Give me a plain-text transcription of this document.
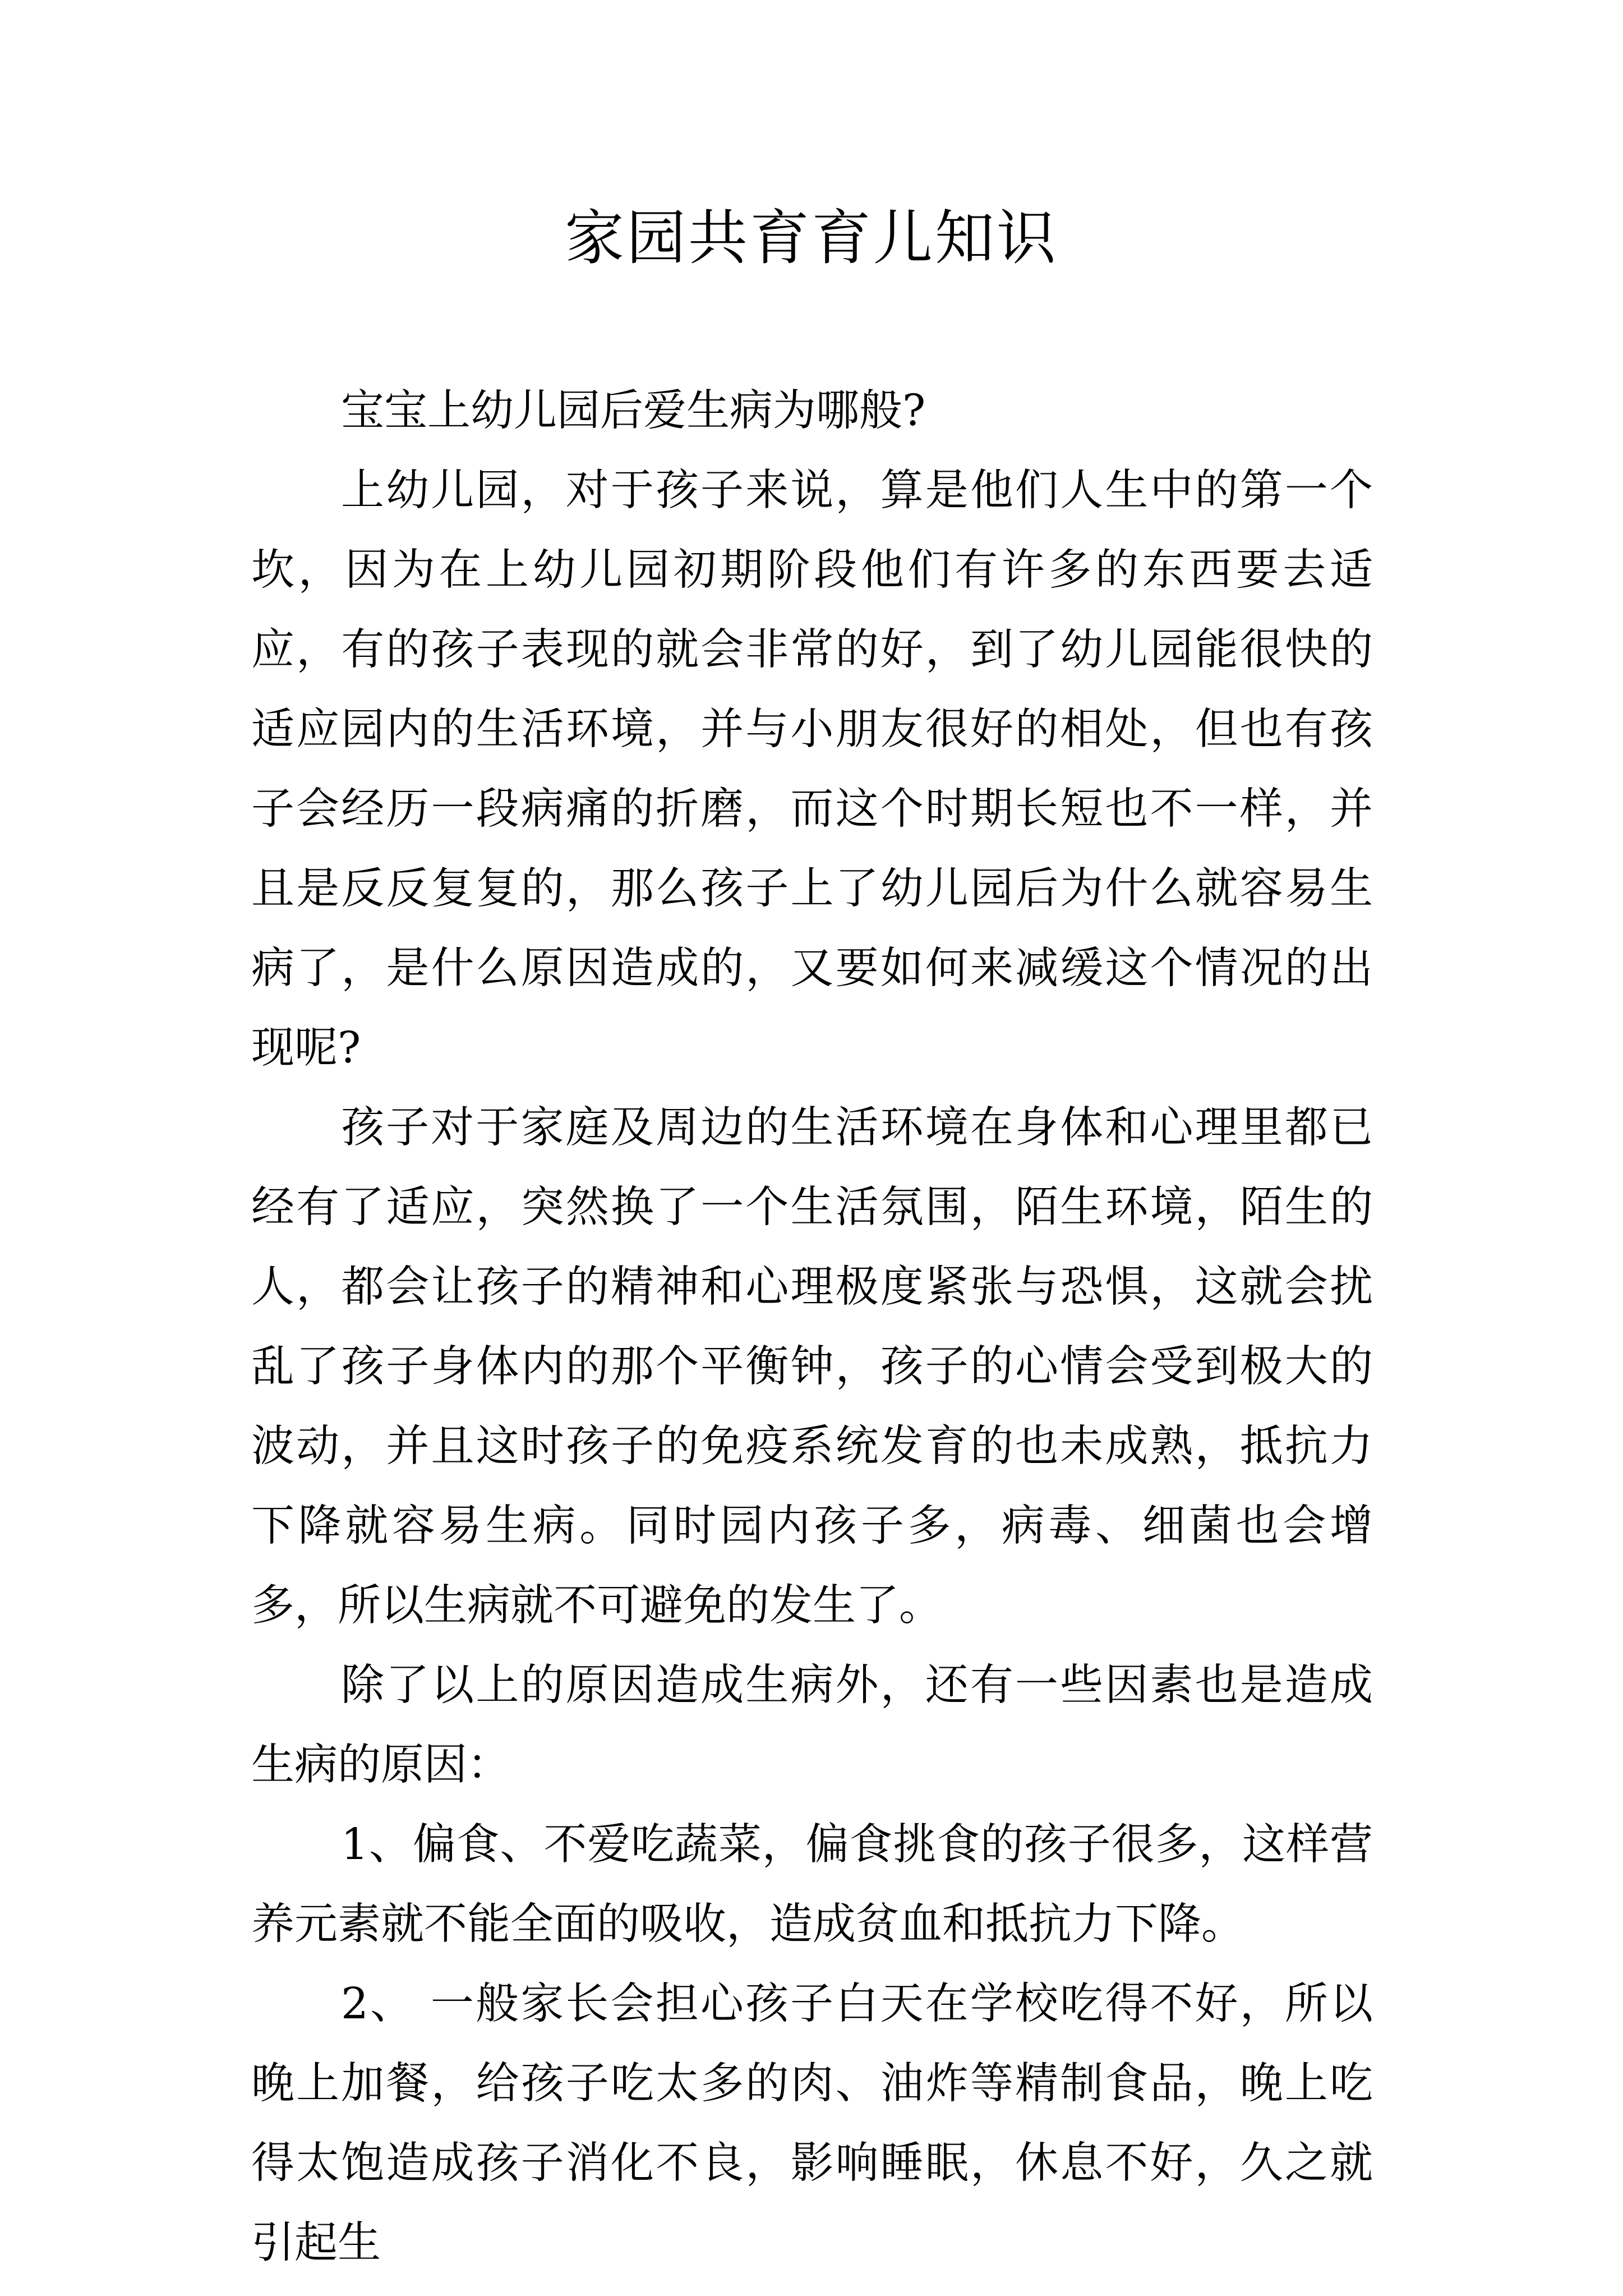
家园共育育儿知识

宝宝上幼儿园后爱生病为哪般?

上幼儿园，对于孩子来说，算是他们人生中的第一个坎，因为在上幼儿园初期阶段他们有许多的东西要去适应，有的孩子表现的就会非常的好，到了幼儿园能很快的适应园内的生活环境，并与小朋友很好的相处，但也有孩子会经历一段病痛的折磨，而这个时期长短也不一样，并且是反反复复的，那么孩子上了幼儿园后为什么就容易生病了，是什么原因造成的，又要如何来减缓这个情况的出现呢?

孩子对于家庭及周边的生活环境在身体和心理里都已经有了适应，突然换了一个生活氛围，陌生环境，陌生的人，都会让孩子的精神和心理极度紧张与恐惧，这就会扰乱了孩子身体内的那个平衡钟，孩子的心情会受到极大的波动，并且这时孩子的免疫系统发育的也未成熟，抵抗力下降就容易生病。同时园内孩子多，病毒、细菌也会增多，所以生病就不可避免的发生了。

除了以上的原因造成生病外，还有一些因素也是造成生病的原因：

1、偏食、不爱吃蔬菜，偏食挑食的孩子很多，这样营养元素就不能全面的吸收，造成贫血和抵抗力下降。

2、 一般家长会担心孩子白天在学校吃得不好，所以晚上加餐，给孩子吃太多的肉、油炸等精制食品，晚上吃得太饱造成孩子消化不良，影响睡眠，休息不好，久之就引起生
